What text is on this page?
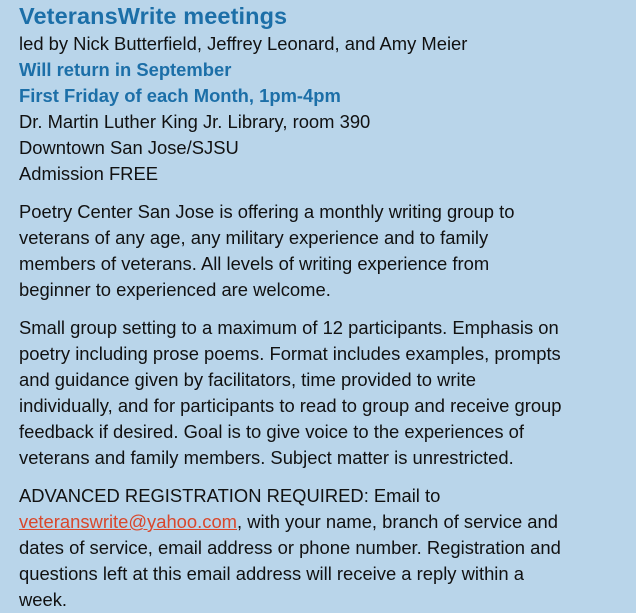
VeteransWrite meetings
led by Nick Butterfield, Jeffrey Leonard, and Amy Meier
Will return in September
First Friday of each Month, 1pm-4pm
Dr. Martin Luther King Jr. Library, room 390
Downtown San Jose/SJSU
Admission FREE
Poetry Center San Jose is offering a monthly writing group to
veterans of any age, any military experience and to family
members of veterans. All levels of writing experience from
beginner to experienced are welcome.
Small group setting to a maximum of 12 participants. Emphasis on
poetry including prose poems. Format includes examples, prompts
and guidance given by facilitators, time provided to write
individually, and for participants to read to group and receive group
feedback if desired. Goal is to give voice to the experiences of
veterans and family members. Subject matter is unrestricted.
ADVANCED REGISTRATION REQUIRED: Email to
veteranswrite@yahoo.com, with your name, branch of service and
dates of service, email address or phone number. Registration and
questions left at this email address will receive a reply within a
week.
